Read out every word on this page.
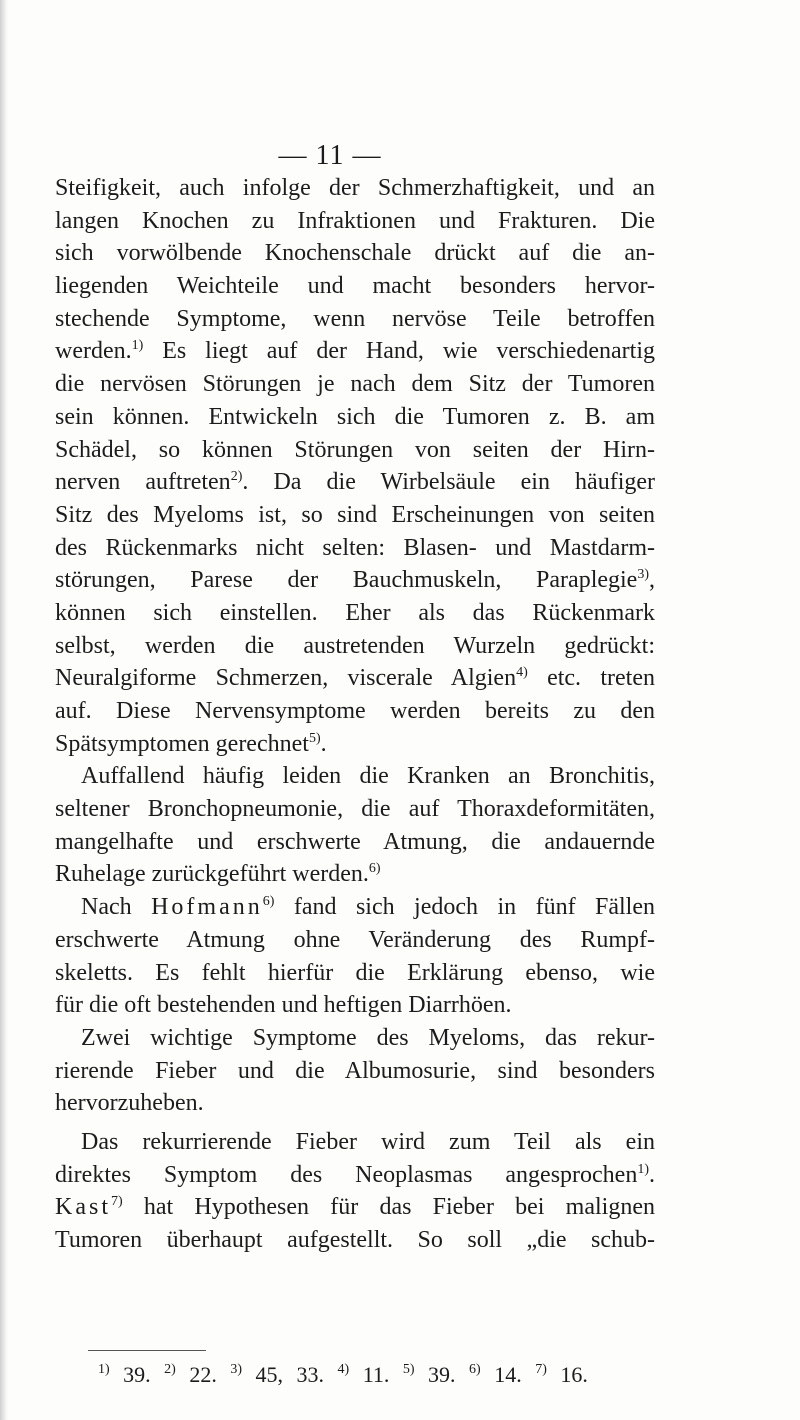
— 11 —
Steifigkeit, auch infolge der Schmerzhaftigkeit, und an
langen Knochen zu Infraktionen und Frakturen. Die
sich vorwölbende Knochenschale drückt auf die an-
liegenden Weichteile und macht besonders hervor-
stechende Symptome, wenn nervöse Teile betroffen
werden.$^{1)}$ Es liegt auf der Hand, wie verschiedenartig
die nervösen Störungen je nach dem Sitz der Tumoren
sein können. Entwickeln sich die Tumoren z. B. am
Schädel, so können Störungen von seiten der Hirn-
nerven auftreten$^{2)}$. Da die Wirbelsäule ein häufiger
Sitz des Myeloms ist, so sind Erscheinungen von seiten
des Rückenmarks nicht selten: Blasen- und Mastdarm-
störungen, Parese der Bauchmuskeln, Paraplegie$^{3)}$,
können sich einstellen. Eher als das Rückenmark
selbst, werden die austretenden Wurzeln gedrückt:
Neuralgiforme Schmerzen, viscerale Algien$^{4)}$ etc. treten
auf. Diese Nervensymptome werden bereits zu den
Spätsymptomen gerechnet$^{5)}$.
Auffallend häufig leiden die Kranken an Bronchitis,
seltener Bronchopneumonie, die auf Thoraxdeformitäten,
mangelhafte und erschwerte Atmung, die andauernde
Ruhelage zurückgeführt werden.$^{6)}$
Nach Hofmann$^{6)}$ fand sich jedoch in fünf Fällen
erschwerte Atmung ohne Veränderung des Rumpf-
skeletts. Es fehlt hierfür die Erklärung ebenso, wie
für die oft bestehenden und heftigen Diarrhöen.
Zwei wichtige Symptome des Myeloms, das rekur-
rierende Fieber und die Albumosurie, sind besonders
hervorzuheben.
Das rekurrierende Fieber wird zum Teil als ein
direktes Symptom des Neoplasmas angesprochen$^{1)}$.
Kast$^{7)}$ hat Hypothesen für das Fieber bei malignen
Tumoren überhaupt aufgestellt. So soll „die schub-
$^{1)}$ 39. $^{2)}$ 22. $^{3)}$ 45, 33. $^{4)}$ 11. $^{5)}$ 39. $^{6)}$ 14. $^{7)}$ 16.
